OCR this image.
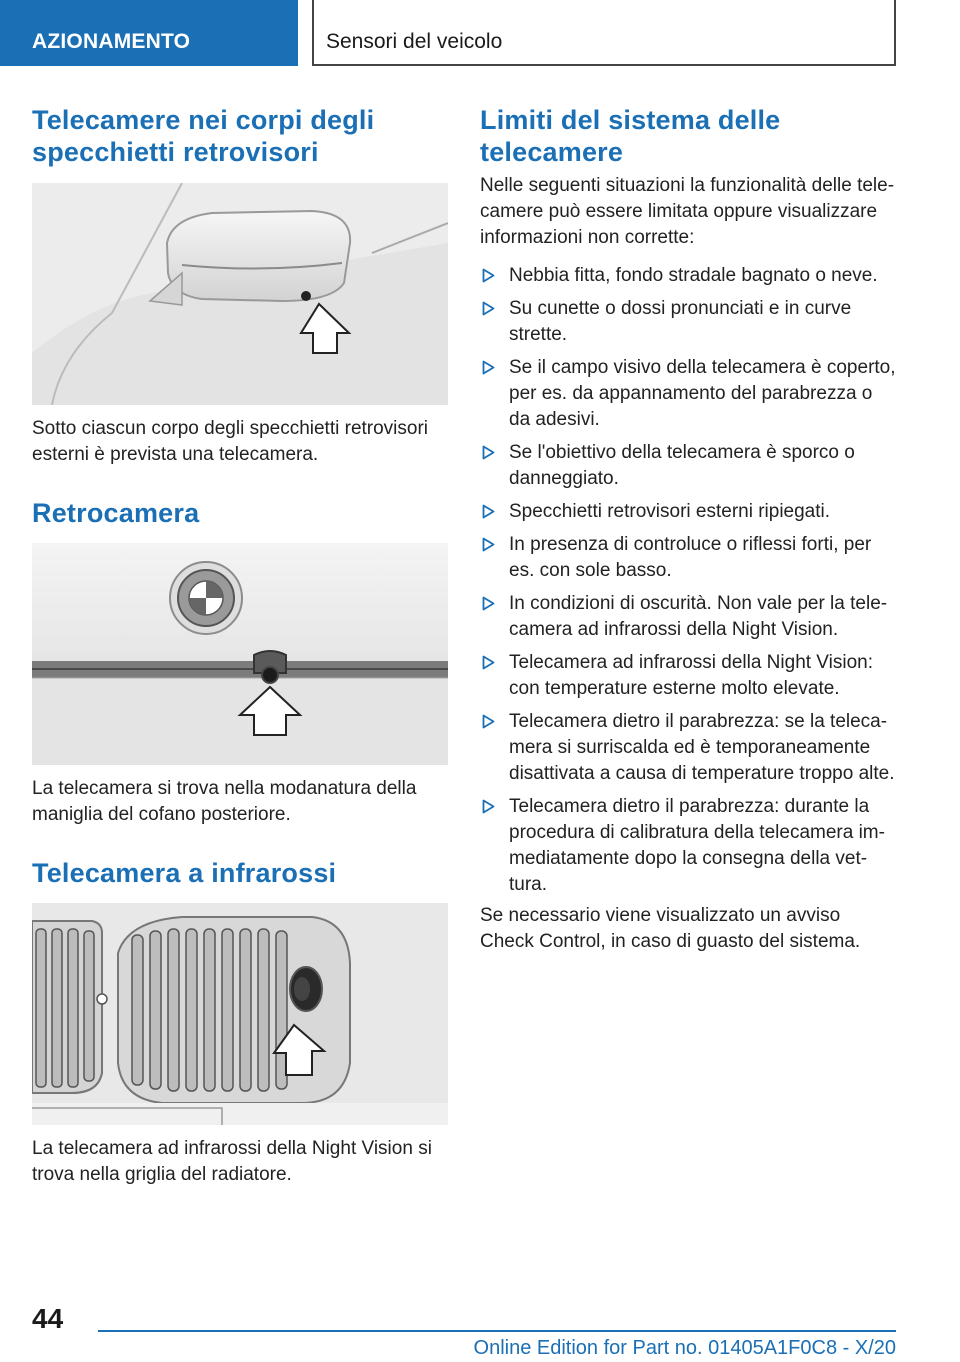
AZIONAMENTO	Sensori del veicolo
Telecamere nei corpi degli specchietti retrovisori

Sotto ciascun corpo degli specchietti retrovisori esterni è prevista una telecamera.

Retrocamera

La telecamera si trova nella modanatura della maniglia del cofano posteriore.

Telecamera a infrarossi

La telecamera ad infrarossi della Night Vision si trova nella griglia del radiatore.

Limiti del sistema delle telecamere

Nelle seguenti situazioni la funzionalità delle telecamere può essere limitata oppure visualizzare informazioni non corrette:

Nebbia fitta, fondo stradale bagnato o neve.
Su cunette o dossi pronunciati e in curve strette.
Se il campo visivo della telecamera è coperto, per es. da appannamento del parabrezza o da adesivi.
Se l'obiettivo della telecamera è sporco o danneggiato.
Specchietti retrovisori esterni ripiegati.
In presenza di controluce o riflessi forti, per es. con sole basso.
In condizioni di oscurità. Non vale per la telecamera ad infrarossi della Night Vision.
Telecamera ad infrarossi della Night Vision: con temperature esterne molto elevate.
Telecamera dietro il parabrezza: se la telecamera si surriscalda ed è temporaneamente disattivata a causa di temperature troppo alte.
Telecamera dietro il parabrezza: durante la procedura di calibratura della telecamera immediatamente dopo la consegna della vettura.

Se necessario viene visualizzato un avviso Check Control, in caso di guasto del sistema.

44
Online Edition for Part no. 01405A1F0C8 - X/20
